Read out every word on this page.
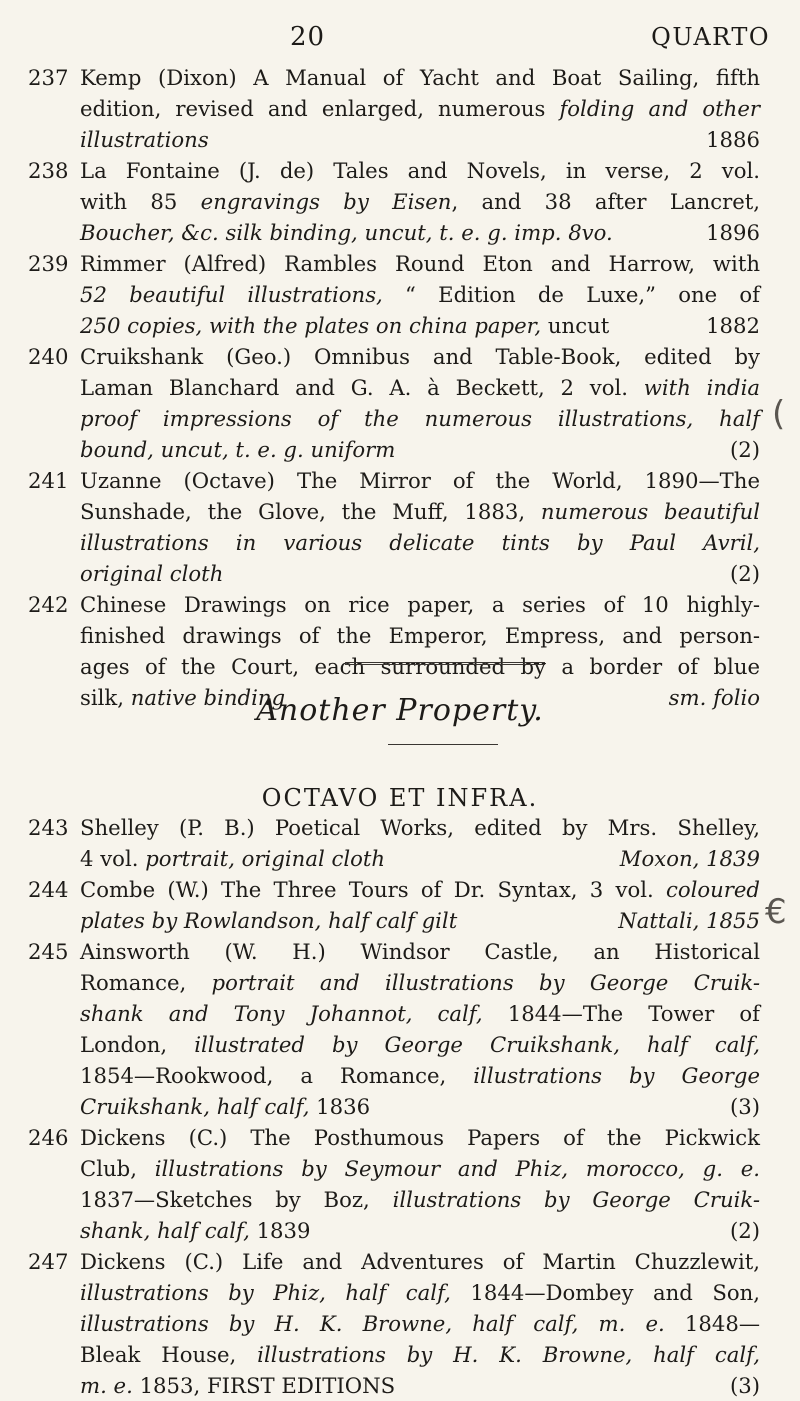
20	QUARTO
237 Kemp (Dixon) A Manual of Yacht and Boat Sailing, fifth
edition, revised and enlarged, numerous folding and other
illustrations	1886
238 La Fontaine (J. de) Tales and Novels, in verse, 2 vol.
with 85 engravings by Eisen, and 38 after Lancret,
Boucher, &c. silk binding, uncut, t. e. g. imp. 8vo.	1896
239 Rimmer (Alfred) Rambles Round Eton and Harrow, with
52 beautiful illustrations, “ Edition de Luxe,” one of
250 copies, with the plates on china paper, uncut	1882
240 Cruikshank (Geo.) Omnibus and Table-Book, edited by
Laman Blanchard and G. A. à Beckett, 2 vol. with india
proof impressions of the numerous illustrations, half
bound, uncut, t. e. g. uniform	(2)
241 Uzanne (Octave) The Mirror of the World, 1890—The
Sunshade, the Glove, the Muff, 1883, numerous beautiful
illustrations in various delicate tints by Paul Avril,
original cloth	(2)
242 Chinese Drawings on rice paper, a series of 10 highly-
finished drawings of the Emperor, Empress, and person-
ages of the Court, each surrounded by a border of blue
silk, native binding	sm. folio
Another Property.
OCTAVO ET INFRA.
243 Shelley (P. B.) Poetical Works, edited by Mrs. Shelley,
4 vol. portrait, original cloth	Moxon, 1839
244 Combe (W.) The Three Tours of Dr. Syntax, 3 vol. coloured
plates by Rowlandson, half calf gilt	Nattali, 1855
245 Ainsworth (W. H.) Windsor Castle, an Historical
Romance, portrait and illustrations by George Cruik-
shank and Tony Johannot, calf, 1844—The Tower of
London, illustrated by George Cruikshank, half calf,
1854—Rookwood, a Romance, illustrations by George
Cruikshank, half calf, 1836	(3)
246 Dickens (C.) The Posthumous Papers of the Pickwick
Club, illustrations by Seymour and Phiz, morocco, g. e.
1837—Sketches by Boz, illustrations by George Cruik-
shank, half calf, 1839	(2)
247 Dickens (C.) Life and Adventures of Martin Chuzzlewit,
illustrations by Phiz, half calf, 1844—Dombey and Son,
illustrations by H. K. Browne, half calf, m. e. 1848—
Bleak House, illustrations by H. K. Browne, half calf,
m. e. 1853, FIRST EDITIONS	(3)
(
€
